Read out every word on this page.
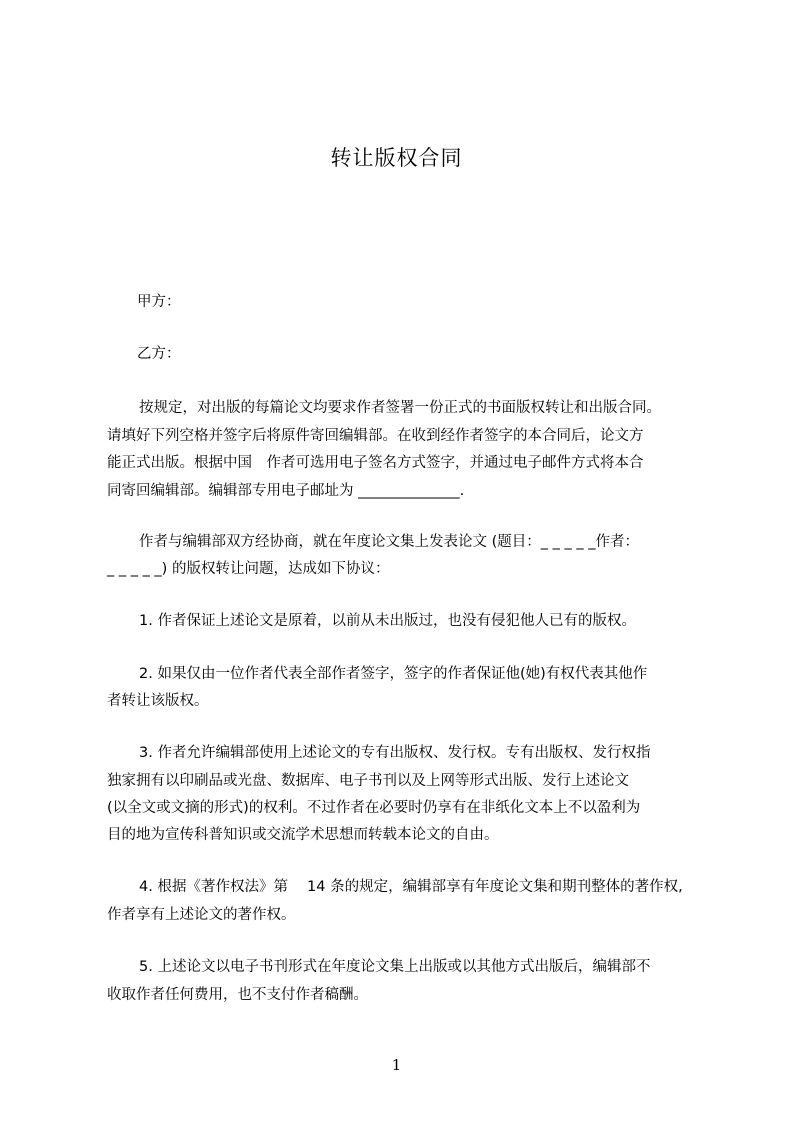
转让版权合同
甲方：
乙方：
按规定，对出版的每篇论文均要求作者签署一份正式的书面版权转让和出版合同。
请填好下列空格并签字后将原件寄回编辑部。在收到经作者签字的本合同后，论文方
能正式出版。根据中国　作者可选用电子签名方式签字，并通过电子邮件方式将本合
同寄回编辑部。编辑部专用电子邮址为 ______________.
作者与编辑部双方经协商，就在年度论文集上发表论文 (题目：_ _ _ _ _作者：
_ _ _ _ _) 的版权转让问题，达成如下协议：
1. 作者保证上述论文是原着，以前从未出版过，也没有侵犯他人已有的版权。
2. 如果仅由一位作者代表全部作者签字，签字的作者保证他(她)有权代表其他作
者转让该版权。
3. 作者允许编辑部使用上述论文的专有出版权、发行权。专有出版权、发行权指
独家拥有以印刷品或光盘、数据库、电子书刊以及上网等形式出版、发行上述论文
(以全文或文摘的形式)的权利。不过作者在必要时仍享有在非纸化文本上不以盈利为
目的地为宣传科普知识或交流学术思想而转载本论文的自由。
4. 根据《著作权法》第　 14 条的规定，编辑部享有年度论文集和期刊整体的著作权,
作者享有上述论文的著作权。
5. 上述论文以电子书刊形式在年度论文集上出版或以其他方式出版后，编辑部不
收取作者任何费用，也不支付作者稿酬。
1
